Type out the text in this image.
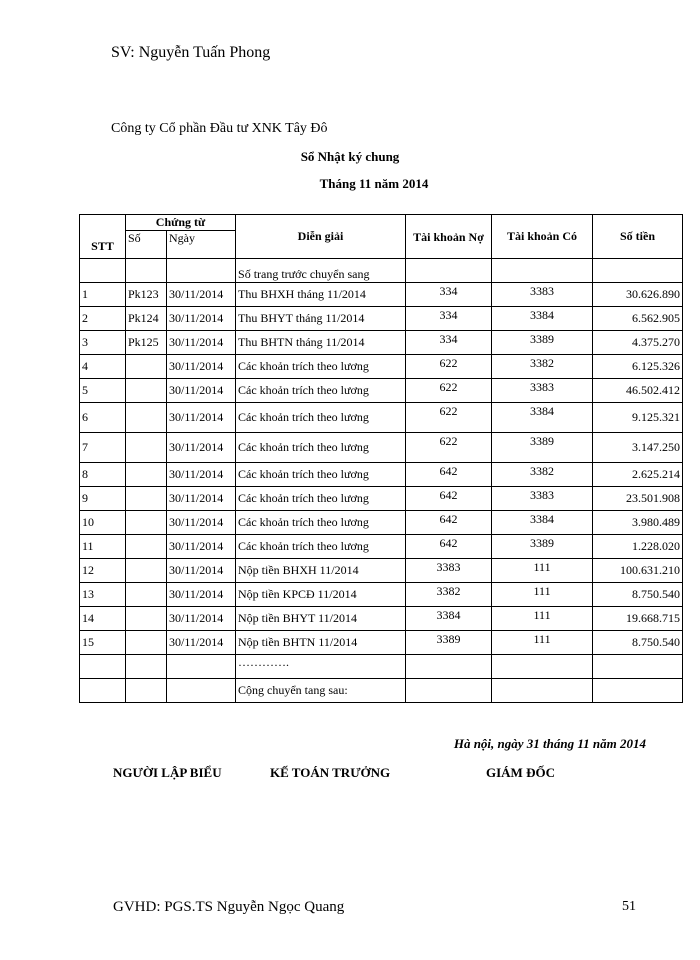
SV: Nguyễn Tuấn Phong
Công ty Cổ phần Đầu tư XNK Tây Đô
Sổ Nhật ký chung
Tháng 11 năm 2014
STT	Chứng từ		Diễn giải	Tài khoản Nợ	Tài khoản Có	Số tiền
	Số	Ngày				
			Số trang trước chuyển sang			
1	Pk123	30/11/2014	Thu BHXH tháng 11/2014	334	3383	30.626.890
2	Pk124	30/11/2014	Thu BHYT tháng 11/2014	334	3384	6.562.905
3	Pk125	30/11/2014	Thu BHTN tháng 11/2014	334	3389	4.375.270
4		30/11/2014	Các khoản trích theo lương	622	3382	6.125.326
5		30/11/2014	Các khoản trích theo lương	622	3383	46.502.412
6		30/11/2014	Các khoản trích theo lương	622	3384	9.125.321
7		30/11/2014	Các khoản trích theo lương	622	3389	3.147.250
8		30/11/2014	Các khoản trích theo lương	642	3382	2.625.214
9		30/11/2014	Các khoản trích theo lương	642	3383	23.501.908
10		30/11/2014	Các khoản trích theo lương	642	3384	3.980.489
11		30/11/2014	Các khoản trích theo lương	642	3389	1.228.020
12		30/11/2014	Nộp tiền BHXH 11/2014	3383	111	100.631.210
13		30/11/2014	Nộp tiền KPCĐ 11/2014	3382	111	8.750.540
14		30/11/2014	Nộp tiền BHYT 11/2014	3384	111	19.668.715
15		30/11/2014	Nộp tiền BHTN 11/2014	3389	111	8.750.540
			………….			
			Cộng chuyển tang sau:			
Hà nội, ngày 31 tháng 11 năm 2014
NGƯỜI LẬP BIỂU	KẾ TOÁN TRƯỞNG	GIÁM ĐỐC
GVHD: PGS.TS Nguyễn Ngọc Quang	51
